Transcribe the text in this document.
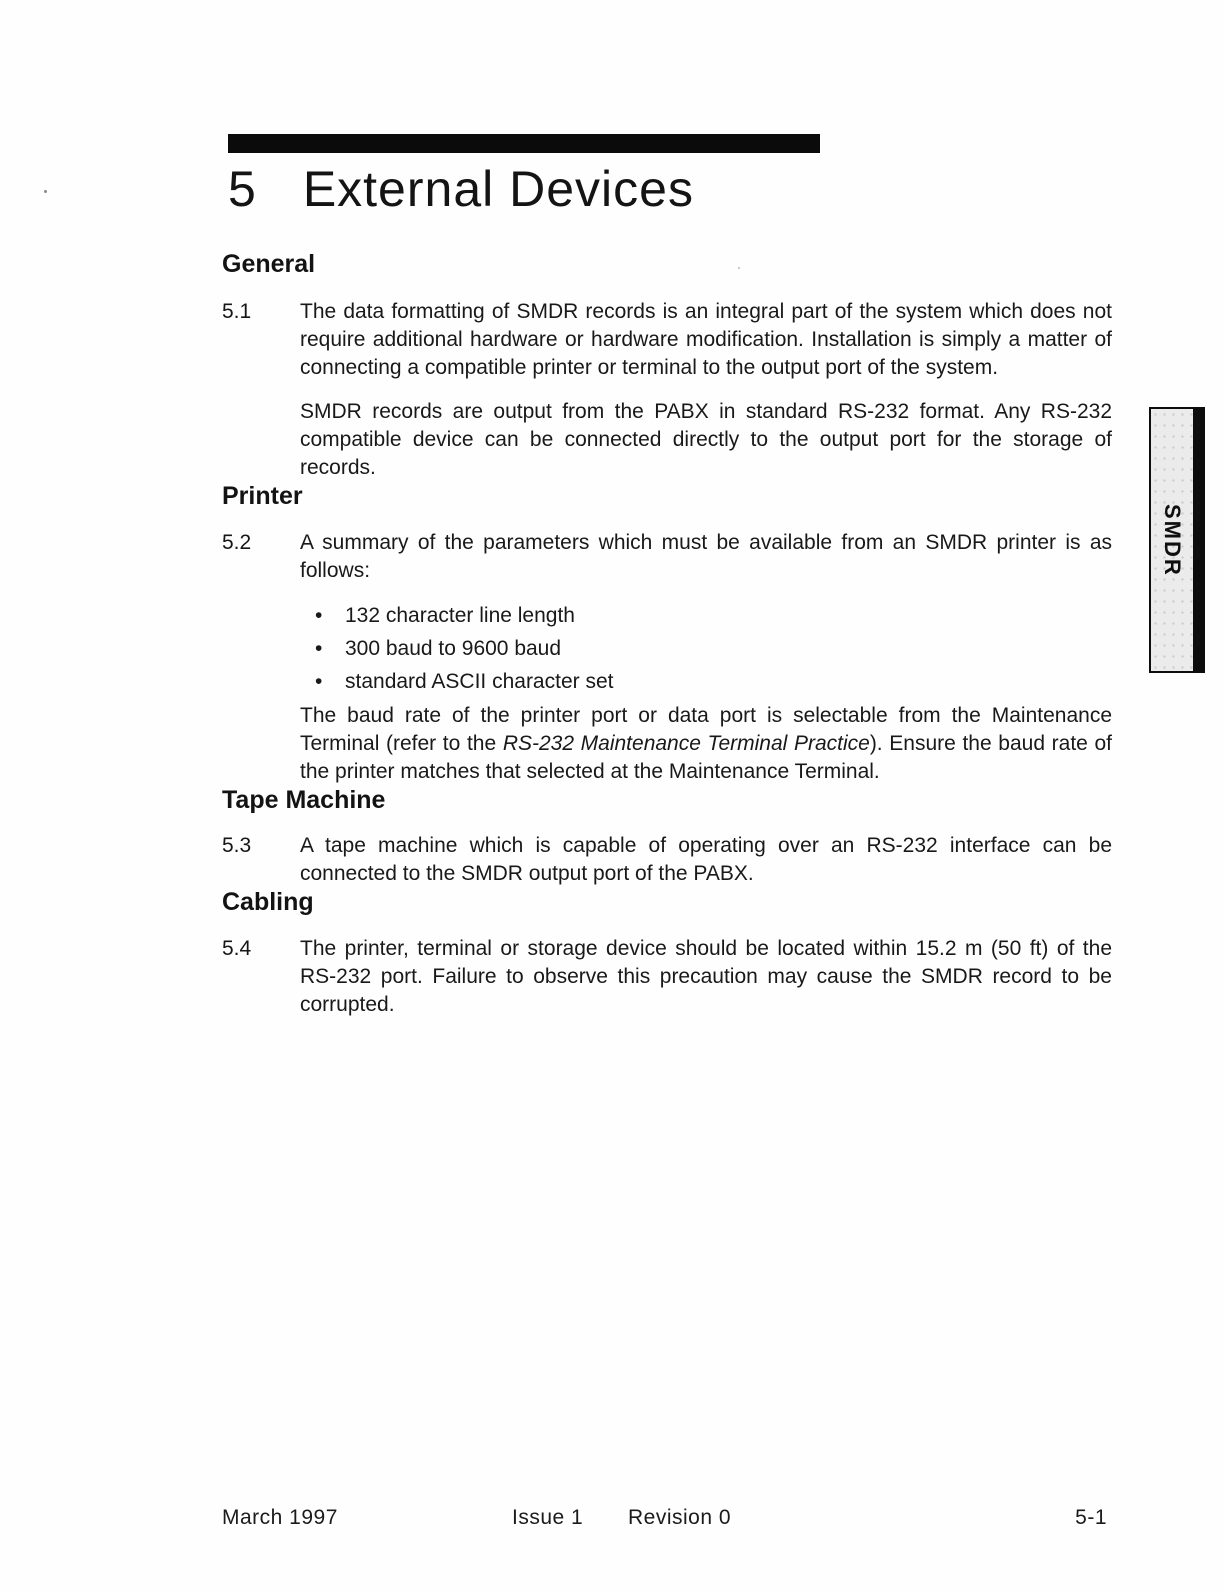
5 External Devices
SMDR
General
5.1	The data formatting of SMDR records is an integral part of the system which does not require additional hardware or hardware modification. Installation is simply a matter of connecting a compatible printer or terminal to the output port of the system.
SMDR records are output from the PABX in standard RS-232 format. Any RS-232 compatible device can be connected directly to the output port for the storage of records.
Printer
5.2	A summary of the parameters which must be available from an SMDR printer is as follows:
•	132 character line length
•	300 baud to 9600 baud
•	standard ASCII character set
The baud rate of the printer port or data port is selectable from the Maintenance Terminal (refer to the RS-232 Maintenance Terminal Practice). Ensure the baud rate of the printer matches that selected at the Maintenance Terminal.
Tape Machine
5.3	A tape machine which is capable of operating over an RS-232 interface can be connected to the SMDR output port of the PABX.
Cabling
5.4	The printer, terminal or storage device should be located within 15.2 m (50 ft) of the RS-232 port. Failure to observe this precaution may cause the SMDR record to be corrupted.
March 1997	Issue 1 Revision 0	5-1
